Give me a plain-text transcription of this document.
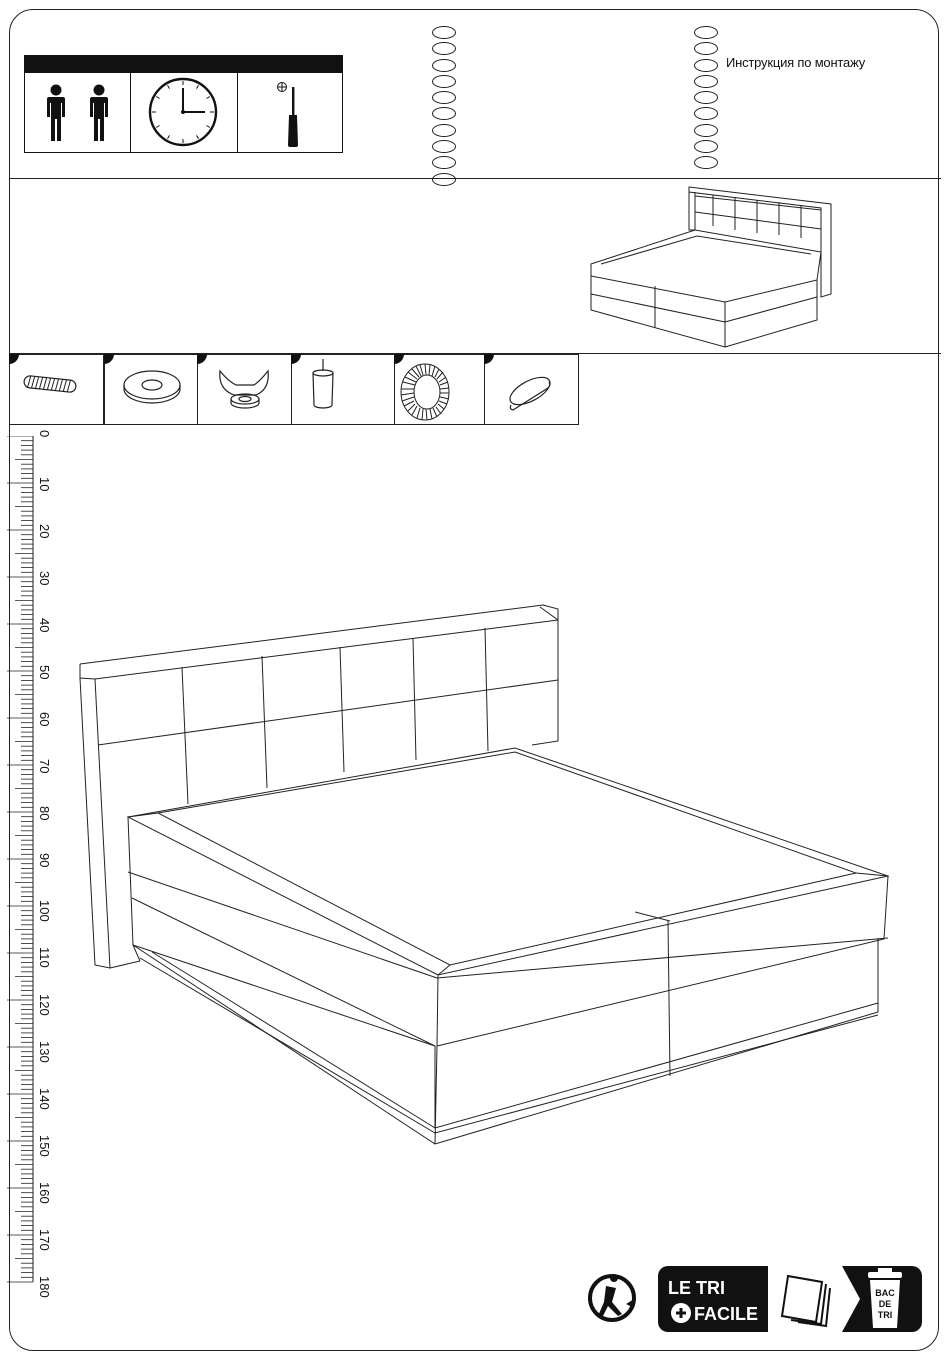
Инструкция по монтажу
0
10
20
30
40
50
60
70
80
90
100
110
120
130
140
150
160
170
180	LE TRI
FACILE
BAC
DE
TRI
